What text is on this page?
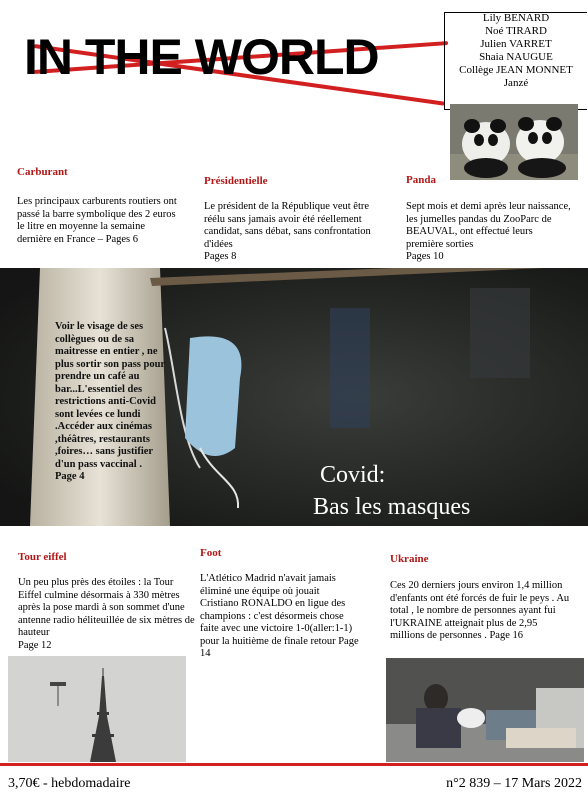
IN THE WORLD
Lily BENARD
Noé TIRARD
Julien VARRET
Shaia NAUGUE
Collège JEAN MONNET
Janzé
Carburant
Les principaux carburents routiers ont passé la barre symbolique des 2 euros le litre en moyenne la semaine dernière en France – Pages 6
Présidentielle
Le président de la République veut être réélu sans jamais avoir été réellement candidat, sans débat, sans confrontation d'idées
Pages 8
Panda
Sept mois et demi après leur naissance, les jumelles pandas du ZooParc de BEAUVAL, ont effectué leurs première sorties
Pages 10
Voir le visage de ses collègues ou de sa maitresse en entier , ne plus sortir son pass pour prendre un café au bar...L'essentiel des restrictions anti-Covid sont levées ce lundi .Accéder aux cinémas ,théâtres, restaurants ,foires… sans justifier d'un pass vaccinal . Page 4	Covid:
Bas les masques
Tour eiffel
Un peu plus près des étoiles : la Tour Eiffel culmine désormais à 330 mètres après la pose mardi à son sommet d'une antenne radio héliteuillée de six mètres de hauteur
Page 12
Foot
L'Atlético Madrid n'avait jamais éliminé une équipe où jouait Cristiano RONALDO en ligue des champions : c'est désormeis chose faite avec une victoire 1-0(aller:1-1) pour la huitième de finale retour Page 14
Ukraine
Ces 20 derniers jours environ 1,4 million d'enfants ont été forcés de fuir le peys . Au total , le nombre de personnes ayant fui l'UKRAINE atteignait plus de 2,95 millions de personnes . Page 16
3,70€ - hebdomadaire	n°2 839 – 17 Mars 2022
